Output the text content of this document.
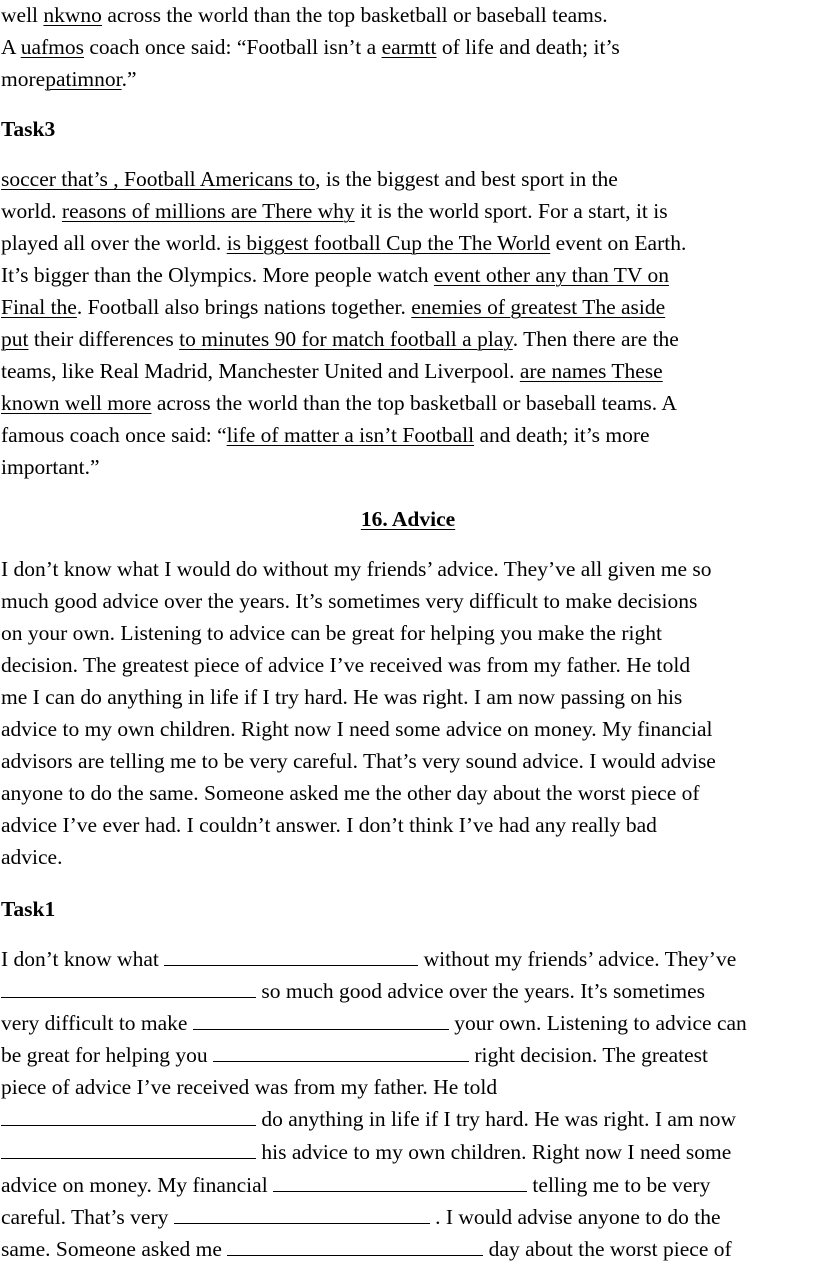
well nkwno across the world than the top basketball or baseball teams.
A uafmos coach once said: “Football isn’t a earmtt of life and death; it’s
morepatimnor.”
Task3
soccer that’s , Football Americans to, is the biggest and best sport in the
world. reasons of millions are There why it is the world sport. For a start, it is
played all over the world. is biggest football Cup the The World event on Earth.
It’s bigger than the Olympics. More people watch event other any than TV on
Final the. Football also brings nations together. enemies of greatest The aside
put their differences to minutes 90 for match football a play. Then there are the
teams, like Real Madrid, Manchester United and Liverpool. are names These
known well more across the world than the top basketball or baseball teams. A
famous coach once said: “life of matter a isn’t Football and death; it’s more
important.”
16. Advice
I don’t know what I would do without my friends’ advice. They’ve all given me so
much good advice over the years. It’s sometimes very difficult to make decisions
on your own. Listening to advice can be great for helping you make the right
decision. The greatest piece of advice I’ve received was from my father. He told
me I can do anything in life if I try hard. He was right. I am now passing on his
advice to my own children. Right now I need some advice on money. My financial
advisors are telling me to be very careful. That’s very sound advice. I would advise
anyone to do the same. Someone asked me the other day about the worst piece of
advice I’ve ever had. I couldn’t answer. I don’t think I’ve had any really bad
advice.
Task1
I don’t know what	without my friends’ advice. They’ve
so much good advice over the years. It’s sometimes
very difficult to make	your own. Listening to advice can
be great for helping you	right decision. The greatest
piece of advice I’ve received was from my father. He told
do anything in life if I try hard. He was right. I am now
his advice to my own children. Right now I need some
advice on money. My financial	telling me to be very
careful. That’s very	. I would advise anyone to do the
same. Someone asked me	day about the worst piece of
